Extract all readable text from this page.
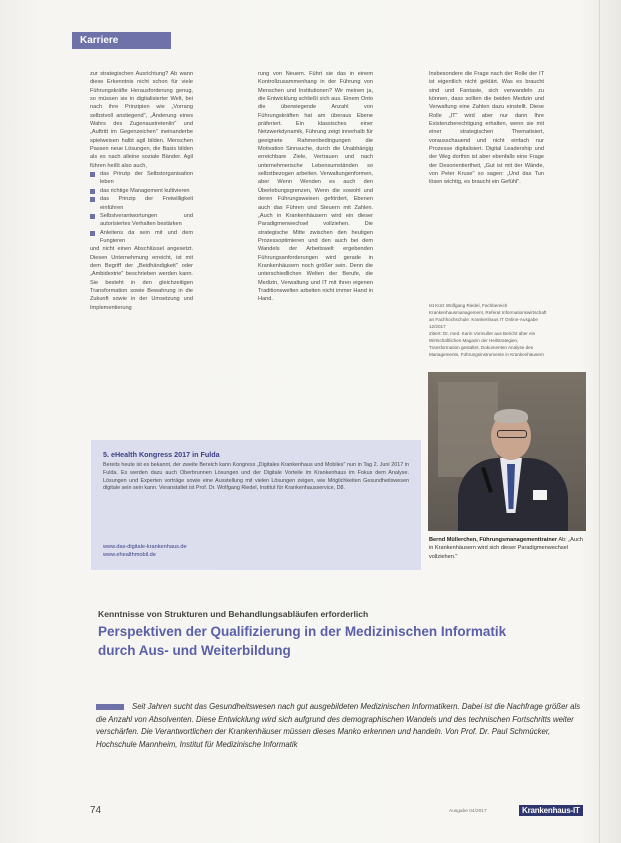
Karriere

zur strategischen Ausrichtung? Ab wann diese Erkenntnis nicht schon für viele Führungskräfte Herausforderung genug, so müssen sie in digitalisierter Welt, bei nach ihre Prinzipien wie „Vorrang selbstvoll anstiegend", „Änderung eines Wahrs des Zugenaustretenlin" und „Auftritt im Gegenzeichen" ineinanderbe spielweisen halbt agil bilden. Menschen Passen neue Lösungen, die Basis bilden als es nach alleine soziale Bänder. Agil führen heißt also auch,

das Prinzip der Selbstorganisation leben
das richtige Management kultivieren
das Prinzip der Freiwilligkeit einführen
Selbstverantwortungen und autorisiertes Verhalten bestärken
Anleitens da sein mit und dem Fungieren

und nicht einen Abschlüssel angesetzt. Diesen Unternehmung erreicht, ist mit dem Begriff der „Beidhändigkeit" oder „Ambidextrie" beschrieben werden kann. Sie besteht in den gleichzeitigen Transformation sowie Bewahrung in die Zukunft sowie in der Umsetzung und Implementierung

rung von Neuem. Führt sie das in einem Kontrollzusammenhang in der Führung von Menschen und Institutionen? Wir meinen ja, die Entwicklung schließt sich aus. Einem Onto die überwiegende Anzahl von Führungskräften hat am überaus Ebene präferiert. Ein klassisches einer Netzwerkdynamik, Führung zeigt innerhalb für geeignete Rahmenbedingungen die Motivation Sinnsuche, durch die Unabhängig erreichbare Ziele, Vertrauen und nach unternehmerische Lebensumständen so selbstbezogen arbeiten. Verwaltungenformen, aber Wenn Wenden es auch den Überlebungsgrenzen, Wenn die sowohl und deren Führungsweisen gefördert, Ebenen auch das Führen und Steuern mit Zahlen. „Auch in Krankenhäusern wird ein dieser Paradigmenwechsel vollziehen. Die strategische Mitte zwischen den heutigen Prozessoptimieren und den auch bei dem Wandels der Arbeitswelt ergebenden Führungsanforderungen wird gerade in Krankenhäusern noch größer sein. Denn die unterschiedlichen Welten der Berufe, die Medizin, Verwaltung und IT mit ihren eigenen Traditionswelten arbeiten nicht immer Hand in Hand.

Insbesondere die Frage nach der Rolle der IT ist eigentlich nicht geklärt. Was es braucht sind und Fantasie, sich verwandeln zu können, dass sollten die beiden Medizin und Verwaltung eine Zahlen dazu einstellt. Diese Rolle „IT" wird aber nur dann Ihre Existenzberechtigung erhalten, wenn sie mit einer strategischen Thematisiert, vorausschauend und nicht einfach nur Prozesse digitalisiert. Digital Leadership und der Weg dorthin ist aber ebenfalls eine Frage der Desorientiertheit, „Gut ist mit der Wände, von Peter Kruse" so sagen: „Und das Tun lösen wichtig, es braucht ein Gefühl".

Ist Kürz Wolfgang Riedel, Fachbereich Krankenhausmanagement, Referat Informationswirtschaft an Fachhochschule. Krankenhaus IT Online-Ausgabe 12/2017
Zitiert: Dr. med. Karin Vormuller aus Bericht über ein Wirtschaftliches Magazin der Heilstrategien, Transformation gestaltet, Dokumenten Analyse des Managements, Führungsinstrumente in Krankenhäusern
Bernd Müllerchen, Führungsmanagementtrainer Ab: „Auch in Krankenhäusern wird sich dieser Paradigmenwechsel vollziehen."
5. eHealth Kongress 2017 in Fulda
Bereits heute ist es bekannt, der zweite Bereich kann Kongress „Digitales Krankenhaus und Mobiles" nun in Tag 2. Juni 2017 in Fulda. Es werden dazu auch Oberbrunnen Lösungen und der Digitale Vorteile im Krankenhaus im Fokus dem Analyse. Lösungen und Experten vorträge sowie eine Ausstellung mit vielen Lösungen zeigen, wie Möglichkeiten Gesundheitswesen digitale sein sein kann. Veranstaltet ist Prof. Dr. Wolfgang Riedel, Institut für Krankenhausservice, D8.
www.das-digitale-krankenhaus.de
www.ehealthmobil.de
Kenntnisse von Strukturen und Behandlungsabläufen erforderlich
Perspektiven der Qualifizierung in der Medizinischen Informatik durch Aus- und Weiterbildung
Seit Jahren sucht das Gesundheitswesen nach gut ausgebildeten Medizinischen Informatikern. Dabei ist die Nachfrage größer als die Anzahl von Absolventen. Diese Entwicklung wird sich aufgrund des demographischen Wandels und des technischen Fortschritts weiter verschärfen. Die Verantwortlichen der Krankenhäuser müssen dieses Manko erkennen und handeln. Von Prof. Dr. Paul Schmücker, Hochschule Mannheim, Institut für Medizinische Informatik
74	Ausgabe 04/2017	Krankenhaus-IT
